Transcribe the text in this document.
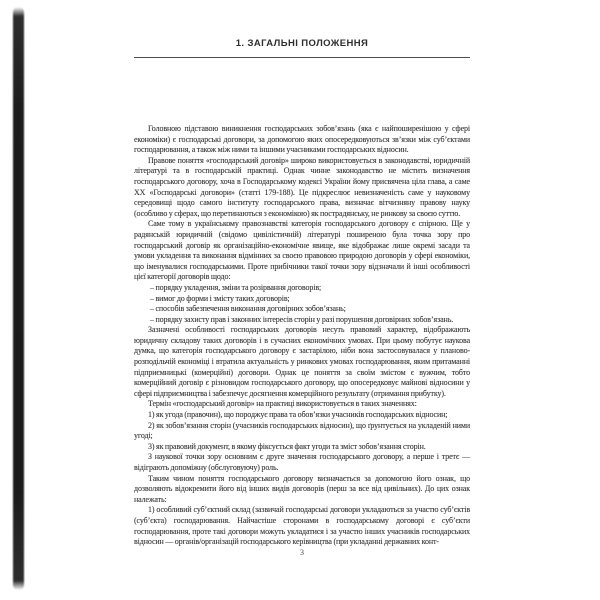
1. ЗАГАЛЬНІ ПОЛОЖЕННЯ

Головною підставою виникнення господарських зобов’язань (яка є найпоширенішою у сфері економіки) є господарські договори, за допомогою яких опосередковуються зв’язки між суб’єктами господарювання, а також між ними та іншими учасниками господарських відносин.

Правове поняття «господарський договір» широко використовується в законодавстві, юридичній літературі та в господарській практиці. Однак чинне законодавство не містить визначення господарського договору, хоча в Господарському кодексі України йому присвячена ціла глава, а саме XX «Господарські договори» (статті 179-188). Це підкреслює невизначеність саме у науковому середовищі щодо самого інституту господарського права, визначає вітчизняну правову науку (особливо у сферах, що перетинаються з економікою) як пострадянську, не ринкову за своєю суттю.

Саме тому в українському правознавстві категорія господарського договору є спірною. Ще у радянській юридичній (свідомо цивілістичній) літературі поширеною була точка зору про господарський договір як організаційно-економічне явище, яке відображає лише окремі засади та умови укладення та виконання відмінних за своєю правовою природою договорів у сфері економіки, що іменувалися господарськими. Проте прибічники такої точки зору відзначали й інші особливості цієї категорії договорів щодо:

– порядку укладення, зміни та розірвання договорів;

– вимог до форми і змісту таких договорів;

– способів забезпечення виконання договірних зобов’язань;

– порядку захисту прав і законних інтересів сторін у разі порушення договірних зобов’язань.

Зазначені особливості господарських договорів несуть правовий характер, відображають юридичну складову таких договорів і в сучасних економічних умовах. При цьому побутує наукова думка, що категорія господарського договору є застарілою, ніби вона застосовувалася у планово-розподільчій економіці і втратила актуальність у ринкових умовах господарювання, яким притаманні підприємницькі (комерційні) договори. Однак це поняття за своїм змістом є вужчим, тобто комерційний договір є різновидом господарського договору, що опосередковує майнові відносини у сфері підприємництва і забезпечує досягнення комерційного результату (отримання прибутку).

Термін «господарський договір» на практиці використовується в таких значеннях:

1) як угода (правочин), що породжує права та обов’язки учасників господарських відносин;

2) як зобов’язання сторін (учасників господарських відносин), що ґрунтується на укладеній ними угоді;

3) як правовий документ, в якому фіксується факт угоди та зміст зобов’язання сторін.

З наукової точки зору основним є друге значення господарського договору, а перше і третє — відіграють допоміжну (обслуговуючу) роль.

Таким чином поняття господарського договору визначається за допомогою його ознак, що дозволяють відокремити його від інших видів договорів (перш за все від цивільних). До цих ознак належать:

1) особливий суб’єктний склад (зазвичай господарські договори укладаються за участю суб’єктів (суб’єкта) господарювання. Найчастіше сторонами в господарському договорі є суб’єкти господарювання, проте такі договори можуть укладатися і за участю інших учасників господарських відносин — органів/організацій господарського керівництва (при укладанні державних конт-

3
